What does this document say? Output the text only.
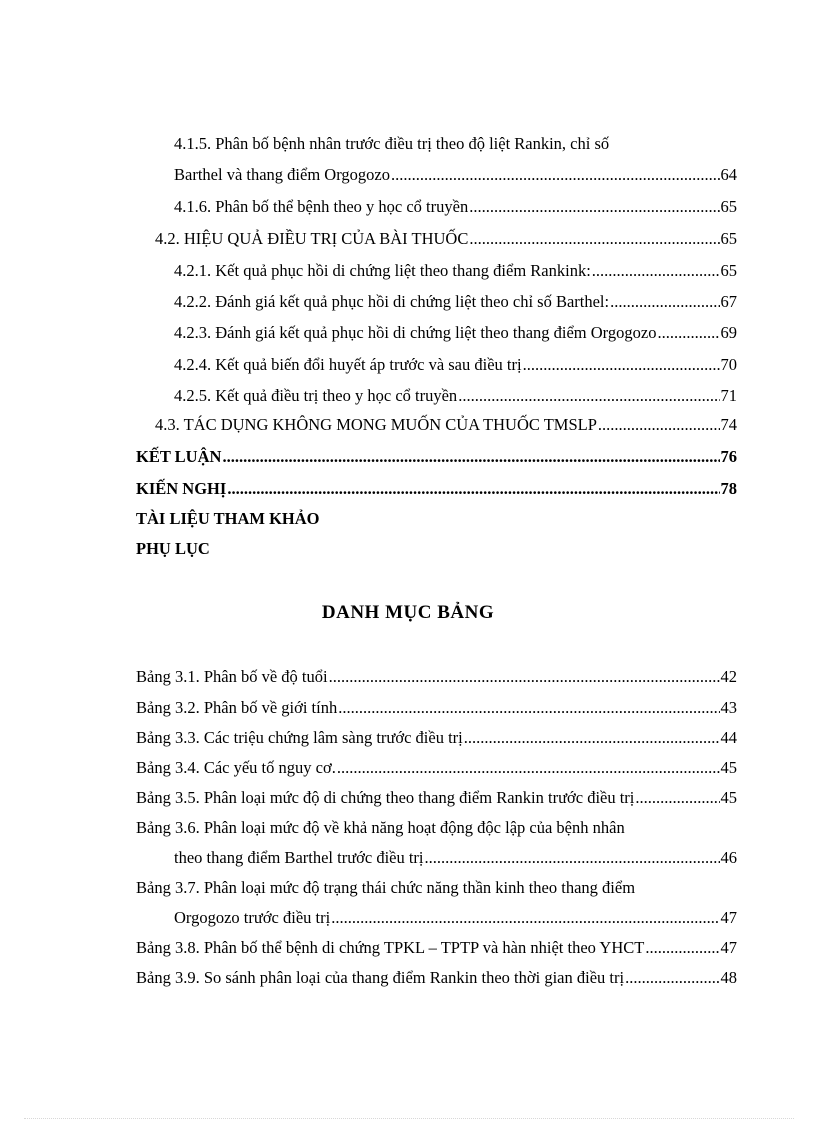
4.1.5. Phân bố bệnh nhân trước điều trị theo độ liệt Rankin, chỉ số
Barthel và thang điểm Orgogozo .....	64
4.1.6. Phân bố thể bệnh theo y học cổ truyền .....	65
4.2. HIỆU QUẢ ĐIỀU TRỊ CỦA BÀI THUỐC .....	65
4.2.1. Kết quả phục hồi di chứng liệt theo thang điểm Rankink: .....	65
4.2.2. Đánh giá kết quả phục hồi di chứng liệt theo chỉ số Barthel: .....	67
4.2.3. Đánh giá kết quả phục hồi di chứng liệt theo thang điểm Orgogozo .....	69
4.2.4. Kết quả biến đổi huyết áp trước và sau điều trị .....	70
4.2.5. Kết quả điều trị theo y học cổ truyền .....	71
4.3. TÁC DỤNG KHÔNG MONG MUỐN CỦA THUỐC TMSLP .....	74
KẾT LUẬN .....	76
KIẾN NGHỊ .....	78
TÀI LIỆU THAM KHẢO
PHỤ LỤC
DANH MỤC BẢNG
Bảng 3.1. Phân bố về độ tuổi .....	42
Bảng 3.2. Phân bố về giới tính .....	43
Bảng 3.3. Các triệu chứng lâm sàng trước điều trị .....	44
Bảng 3.4. Các yếu tố nguy cơ. .....	45
Bảng 3.5. Phân loại mức độ di chứng theo thang điểm Rankin trước điều trị .....	45
Bảng 3.6. Phân loại mức độ về khả năng hoạt động độc lập của bệnh nhân
theo thang điểm Barthel trước điều trị .....	46
Bảng 3.7. Phân loại mức độ trạng thái chức năng thần kinh theo thang điểm
Orgogozo trước điều trị .....	47
Bảng 3.8. Phân bố thể bệnh di chứng TPKL – TPTP và hàn nhiệt theo YHCT .....	47
Bảng 3.9. So sánh phân loại của thang điểm Rankin theo thời gian điều trị .....	48
